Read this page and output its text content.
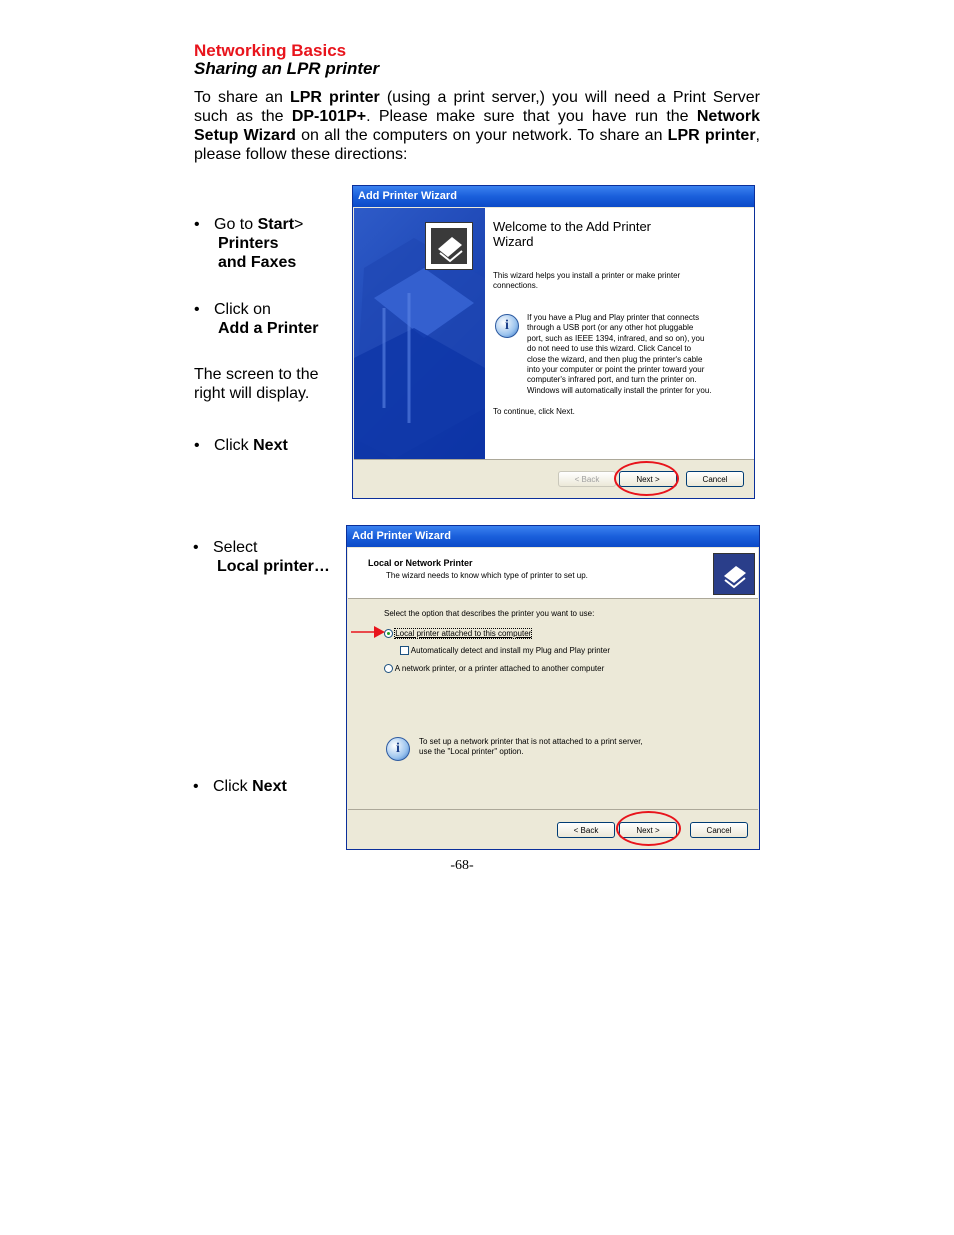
Networking Basics
Sharing an LPR printer
To share an LPR printer (using a print server,) you will need a Print Server such as the DP-101P+. Please make sure that you have run the Network Setup Wizard on all the computers on your network. To share an LPR printer, please follow these directions:
• Go to Start>
Printers
and Faxes
• Click on
Add a Printer
The screen to the
right will display.
• Click Next
• Select
Local printer…
• Click Next
Add Printer Wizard
Welcome to the Add Printer
Wizard
This wizard helps you install a printer or make printer
connections.
i
If you have a Plug and Play printer that connects
through a USB port (or any other hot pluggable
port, such as IEEE 1394, infrared, and so on), you
do not need to use this wizard. Click Cancel to
close the wizard, and then plug the printer's cable
into your computer or point the printer toward your
computer's infrared port, and turn the printer on.
Windows will automatically install the printer for you.
To continue, click Next.
< Back	Next >	Cancel
Add Printer Wizard
Local or Network Printer
The wizard needs to know which type of printer to set up.
Select the option that describes the printer you want to use:
Local printer attached to this computer
Automatically detect and install my Plug and Play printer
A network printer, or a printer attached to another computer
i	To set up a network printer that is not attached to a print server,
use the "Local printer" option.
< Back	Next >	Cancel
-68-
